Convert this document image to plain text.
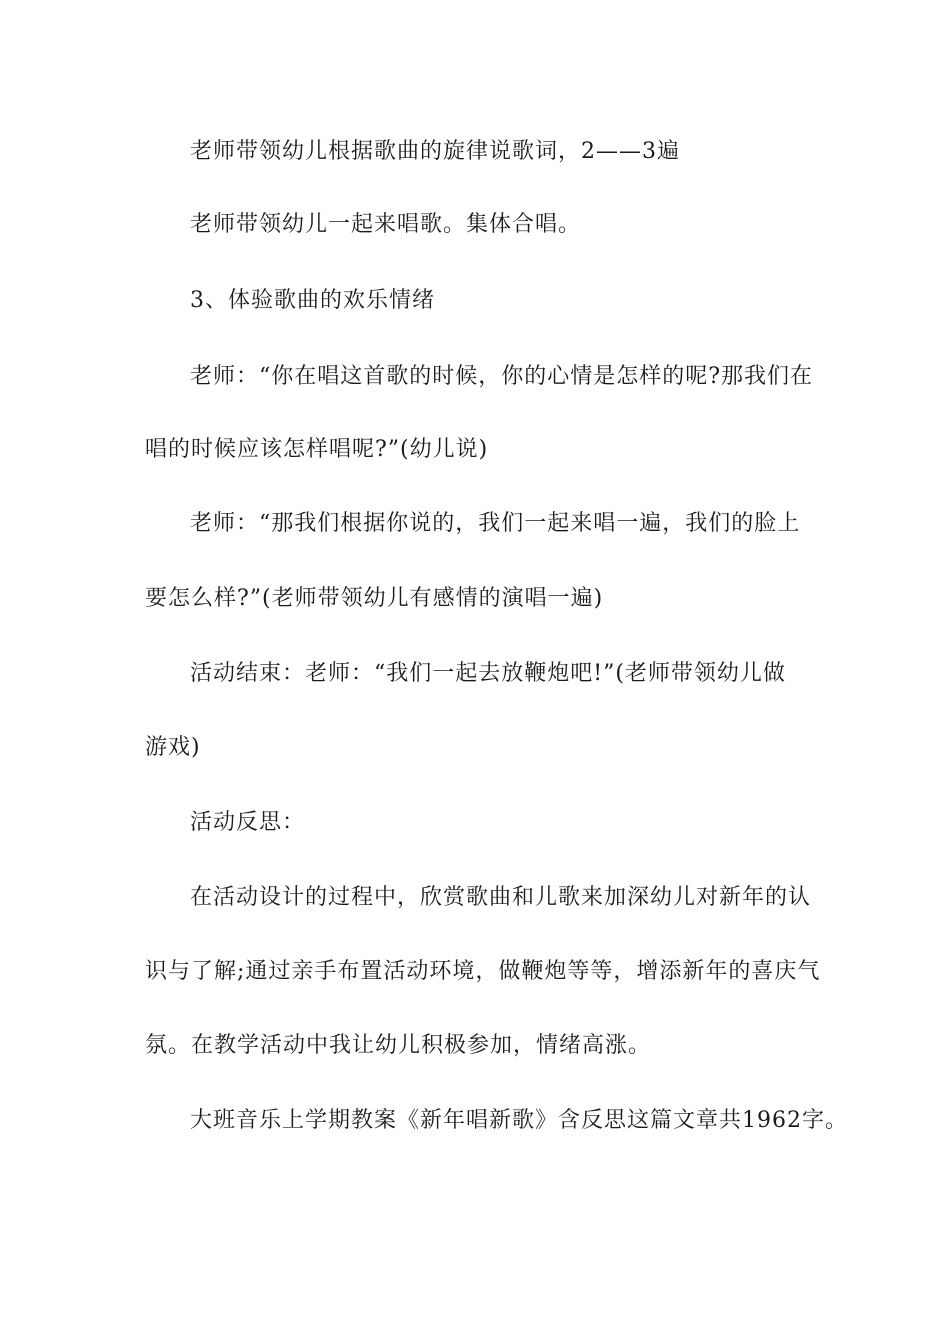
老师带领幼儿根据歌曲的旋律说歌词，2——3遍
老师带领幼儿一起来唱歌。集体合唱。
3、体验歌曲的欢乐情绪
老师：“你在唱这首歌的时候，你的心情是怎样的呢?那我们在
唱的时候应该怎样唱呢?”(幼儿说)
老师：“那我们根据你说的，我们一起来唱一遍，我们的脸上
要怎么样?”(老师带领幼儿有感情的演唱一遍)
活动结束：老师：“我们一起去放鞭炮吧!”(老师带领幼儿做
游戏)
活动反思：
在活动设计的过程中，欣赏歌曲和儿歌来加深幼儿对新年的认
识与了解;通过亲手布置活动环境，做鞭炮等等，增添新年的喜庆气
氛。在教学活动中我让幼儿积极参加，情绪高涨。
大班音乐上学期教案《新年唱新歌》含反思这篇文章共1962字。
